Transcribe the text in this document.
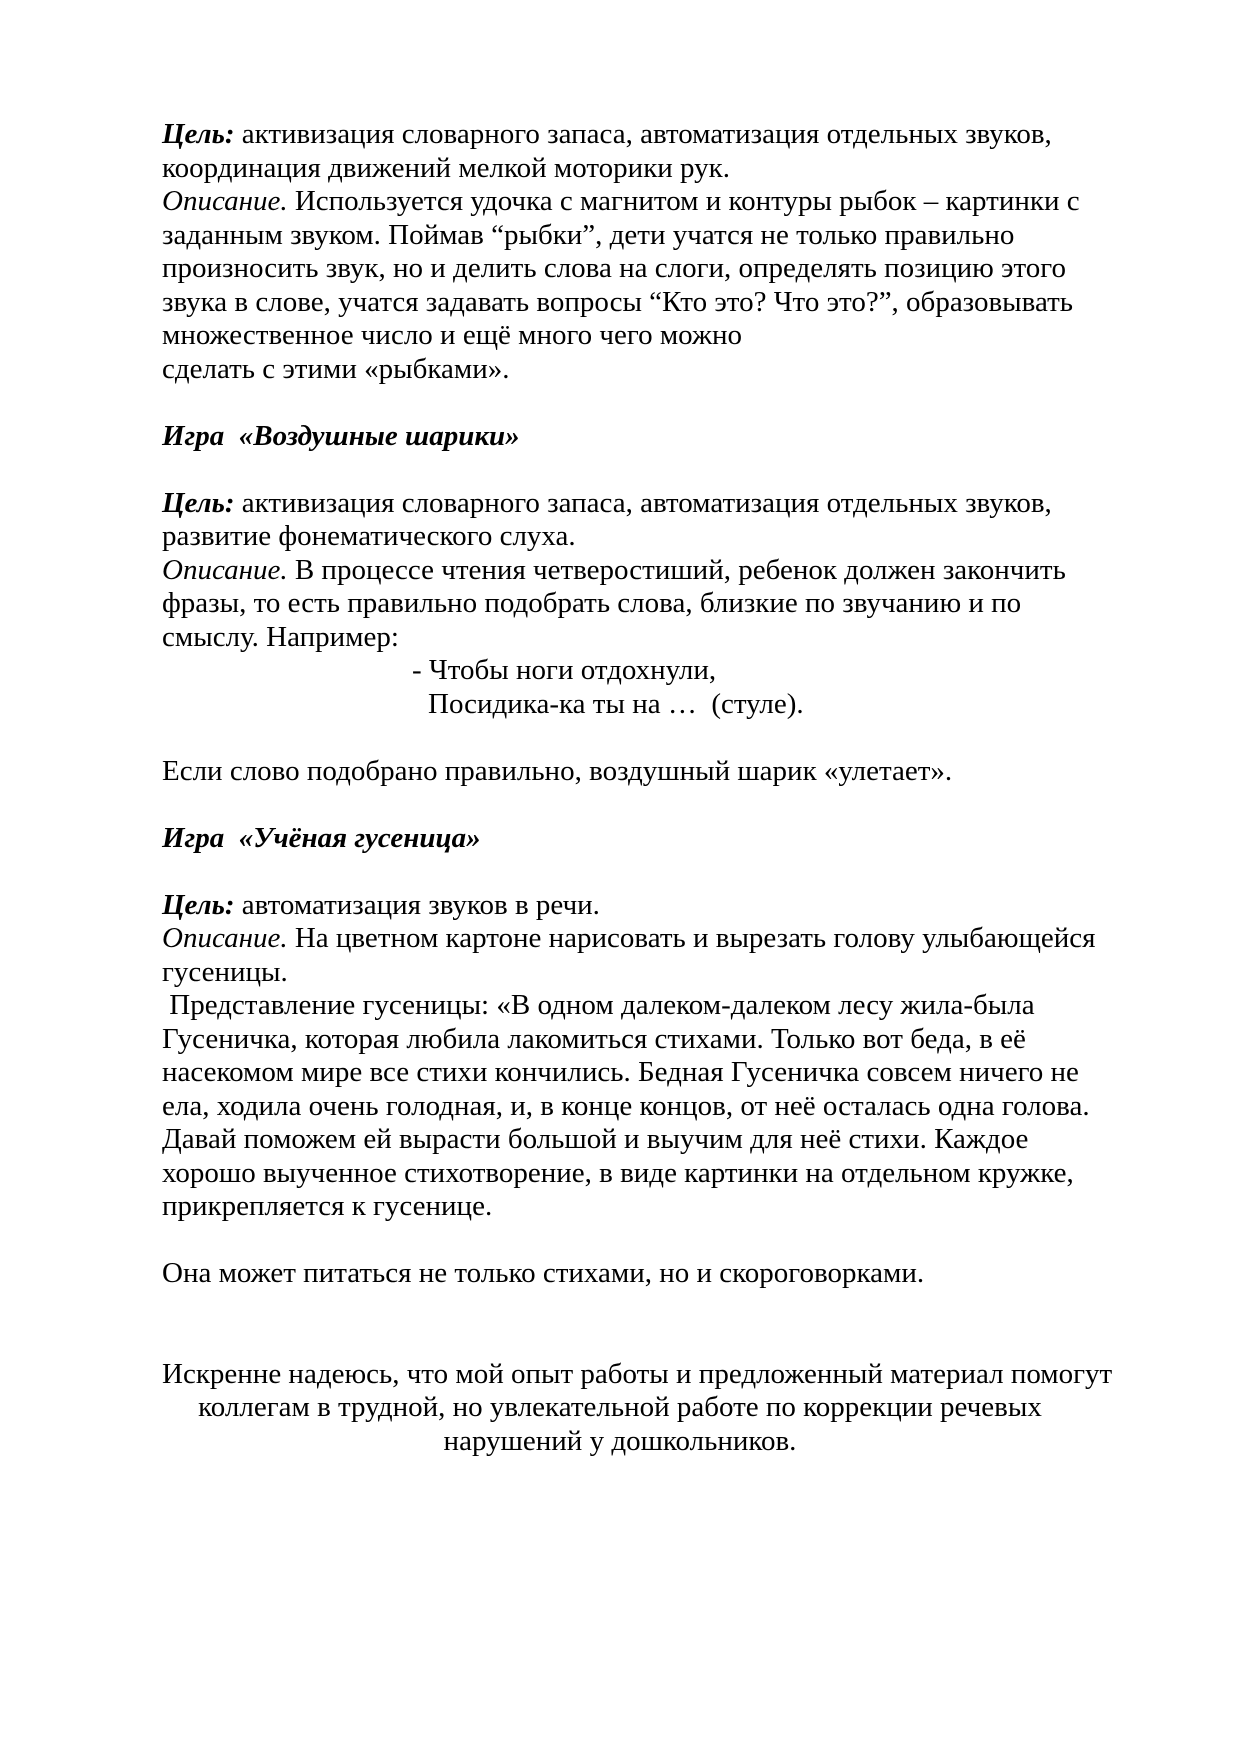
Цель: активизация словарного запаса, автоматизация отдельных звуков,
координация движений мелкой моторики рук.
Описание. Используется удочка с магнитом и контуры рыбок – картинки с
заданным звуком. Поймав “рыбки”, дети учатся не только правильно
произносить звук, но и делить слова на слоги, определять позицию этого
звука в слове, учатся задавать вопросы “Кто это? Что это?”, образовывать
множественное число и ещё много чего можно
сделать с этими «рыбками».
Игра  «Воздушные шарики»
Цель: активизация словарного запаса, автоматизация отдельных звуков,
развитие фонематического слуха.
Описание. В процессе чтения четверостиший, ребенок должен закончить
фразы, то есть правильно подобрать слова, близкие по звучанию и по
смыслу. Например:
- Чтобы ноги отдохнули,
Посидика-ка ты на …  (стуле).
Если слово подобрано правильно, воздушный шарик «улетает».
Игра  «Учёная гусеница»
Цель: автоматизация звуков в речи.
Описание. На цветном картоне нарисовать и вырезать голову улыбающейся
гусеницы.
Представление гусеницы: «В одном далеком-далеком лесу жила-была
Гусеничка, которая любила лакомиться стихами. Только вот беда, в её
насекомом мире все стихи кончились. Бедная Гусеничка совсем ничего не
ела, ходила очень голодная, и, в конце концов, от неё осталась одна голова.
Давай поможем ей вырасти большой и выучим для неё стихи. Каждое
хорошо выученное стихотворение, в виде картинки на отдельном кружке,
прикрепляется к гусенице.
Она может питаться не только стихами, но и скороговорками.
Искренне надеюсь, что мой опыт работы и предложенный материал помогут
коллегам в трудной, но увлекательной работе по коррекции речевых
нарушений у дошкольников.
